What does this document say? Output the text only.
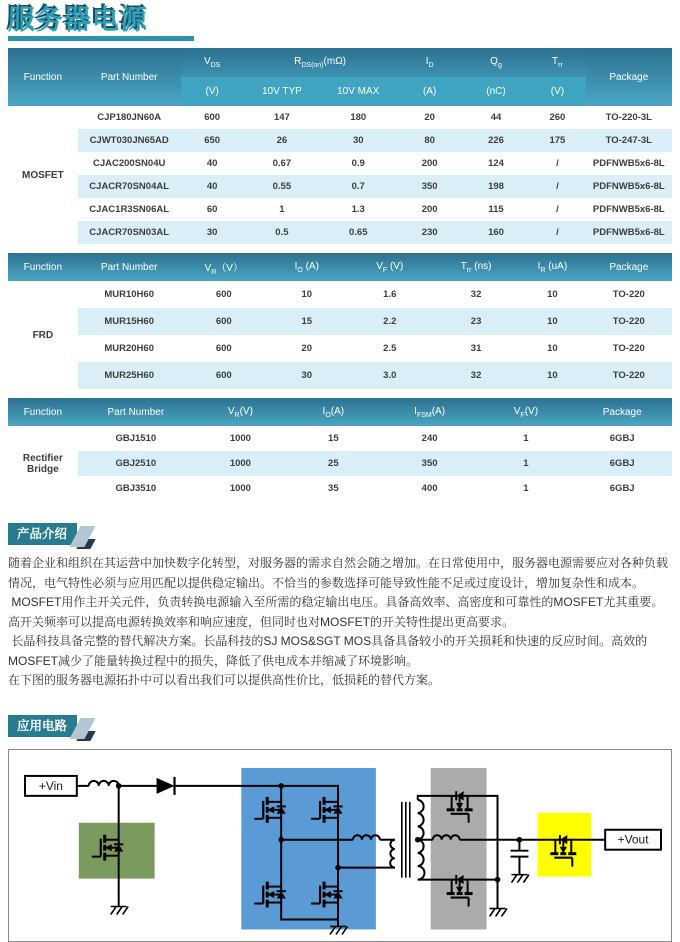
服务器电源
Function	Part Number	$V_{DS}$	$R_{DS(on)}(m\Omega)$		$I_D$	$Q_g$	$T_{rr}$	Package
		(V)	10V TYP	10V MAX	(A)	(nC)	(V)	
MOSFET	CJP180JN60A	600	147	180	20	44	260	TO-220-3L
	CJWT030JN65AD	650	26	30	80	226	175	TO-247-3L
	CJAC200SN04U	40	0.67	0.9	200	124	/	PDFNWB5x6-8L
	CJACR70SN04AL	40	0.55	0.7	350	198	/	PDFNWB5x6-8L
	CJAC1R3SN06AL	60	1	1.3	200	115	/	PDFNWB5x6-8L
	CJACR70SN03AL	30	0.5	0.65	230	160	/	PDFNWB5x6-8L
Function	Part Number	$V_R(V)$	$I_O$ (A)	$V_F$ (V)	$T_{rr}$ (ns)	$I_R$ (uA)	Package
FRD	MUR10H60	600	10	1.6	32	10	TO-220
	MUR15H60	600	15	2.2	23	10	TO-220
	MUR20H60	600	20	2.5	31	10	TO-220
	MUR25H60	600	30	3.0	32	10	TO-220
Function	Part Number	$V_R(V)$	$I_O(A)$	$I_{FSM}(A)$	$V_F(V)$	Package
Rectifier Bridge	GBJ1510	1000	15	240	1	6GBJ
	GBJ2510	1000	25	350	1	6GBJ
	GBJ3510	1000	35	400	1	6GBJ
产品介绍

随着企业和组织在其运营中加快数字化转型，对服务器的需求自然会随之增加。在日常使用中，服务器电源需要应对各种负载情况，电气特性必须与应用匹配以提供稳定输出。不恰当的参数选择可能导致性能不足或过度设计，增加复杂性和成本。

MOSFET用作主开关元件，负责转换电源输入至所需的稳定输出电压。具备高效率、高密度和可靠性的MOSFET尤其重要。高开关频率可以提高电源转换效率和响应速度，但同时也对MOSFET的开关特性提出更高要求。

长晶科技具备完整的替代解决方案。长晶科技的SJ MOS&SGT MOS具备具备较小的开关损耗和快速的反应时间。高效的MOSFET减少了能量转换过程中的损失，降低了供电成本并缩减了环境影响。

在下图的服务器电源拓扑中可以看出我们可以提供高性价比，低损耗的替代方案。

应用电路
+Vin
+Vout
